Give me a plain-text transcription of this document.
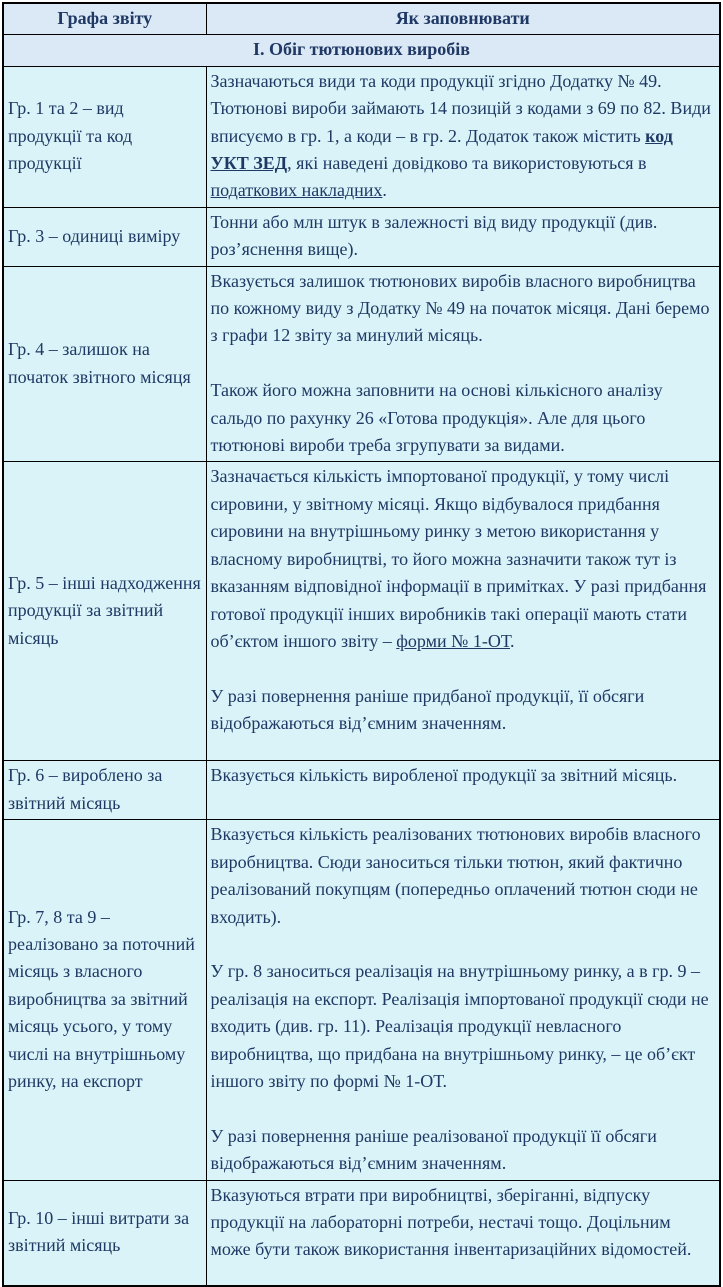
Графа звіту	Як заповнювати
І. Обіг тютюнових виробів	
Гр. 1 та 2 – вид продукції та код продукції	Зазначаються види та коди продукції згідно Додатку № 49. Тютюнові вироби займають 14 позицій з кодами з 69 по 82. Види вписуємо в гр. 1, а коди – в гр. 2. Додаток також містить код УКТ ЗЕД, які наведені довідково та використовуються в податкових накладних.

Гр. 3 – одиниці виміру	Тонни або млн штук в залежності від виду продукції (див. роз’яснення вище).

Гр. 4 – залишок на початок звітного місяця	Вказується залишок тютюнових виробів власного виробництва по кожному виду з Додатку № 49 на початок місяця. Дані беремо з графи 12 звіту за минулий місяць.

Також його можна заповнити на основі кількісного аналізу сальдо по рахунку 26 «Готова продукція». Але для цього тютюнові вироби треба згрупувати за видами.

Гр. 5 – інші надходження продукції за звітний місяць	Зазначається кількість імпортованої продукції, у тому числі сировини, у звітному місяці. Якщо відбувалося придбання сировини на внутрішньому ринку з метою використання у власному виробництві, то його можна зазначити також тут із вказанням відповідної інформації в примітках. У разі придбання готової продукції інших виробників такі операції мають стати об’єктом іншого звіту – форми № 1-ОТ.

У разі повернення раніше придбаної продукції, її обсяги відображаються від’ємним значенням.

Гр. 6 – вироблено за звітний місяць	Вказується кількість виробленої продукції за звітний місяць.

Гр. 7, 8 та 9 – реалізовано за поточний місяць з власного виробництва за звітний місяць усього, у тому числі на внутрішньому ринку, на експорт	Вказується кількість реалізованих тютюнових виробів власного виробництва. Сюди заноситься тільки тютюн, який фактично реалізований покупцям (попередньо оплачений тютюн сюди не входить).

У гр. 8 заноситься реалізація на внутрішньому ринку, а в гр. 9 – реалізація на експорт. Реалізація імпортованої продукції сюди не входить (див. гр. 11). Реалізація продукції невласного виробництва, що придбана на внутрішньому ринку, – це об’єкт іншого звіту по формі № 1-ОТ.

У разі повернення раніше реалізованої продукції її обсяги відображаються від’ємним значенням.

Гр. 10 – інші витрати за звітний місяць	Вказуються втрати при виробництві, зберіганні, відпуску продукції на лабораторні потреби, нестачі тощо. Доцільним може бути також використання інвентаризаційних відомостей.
